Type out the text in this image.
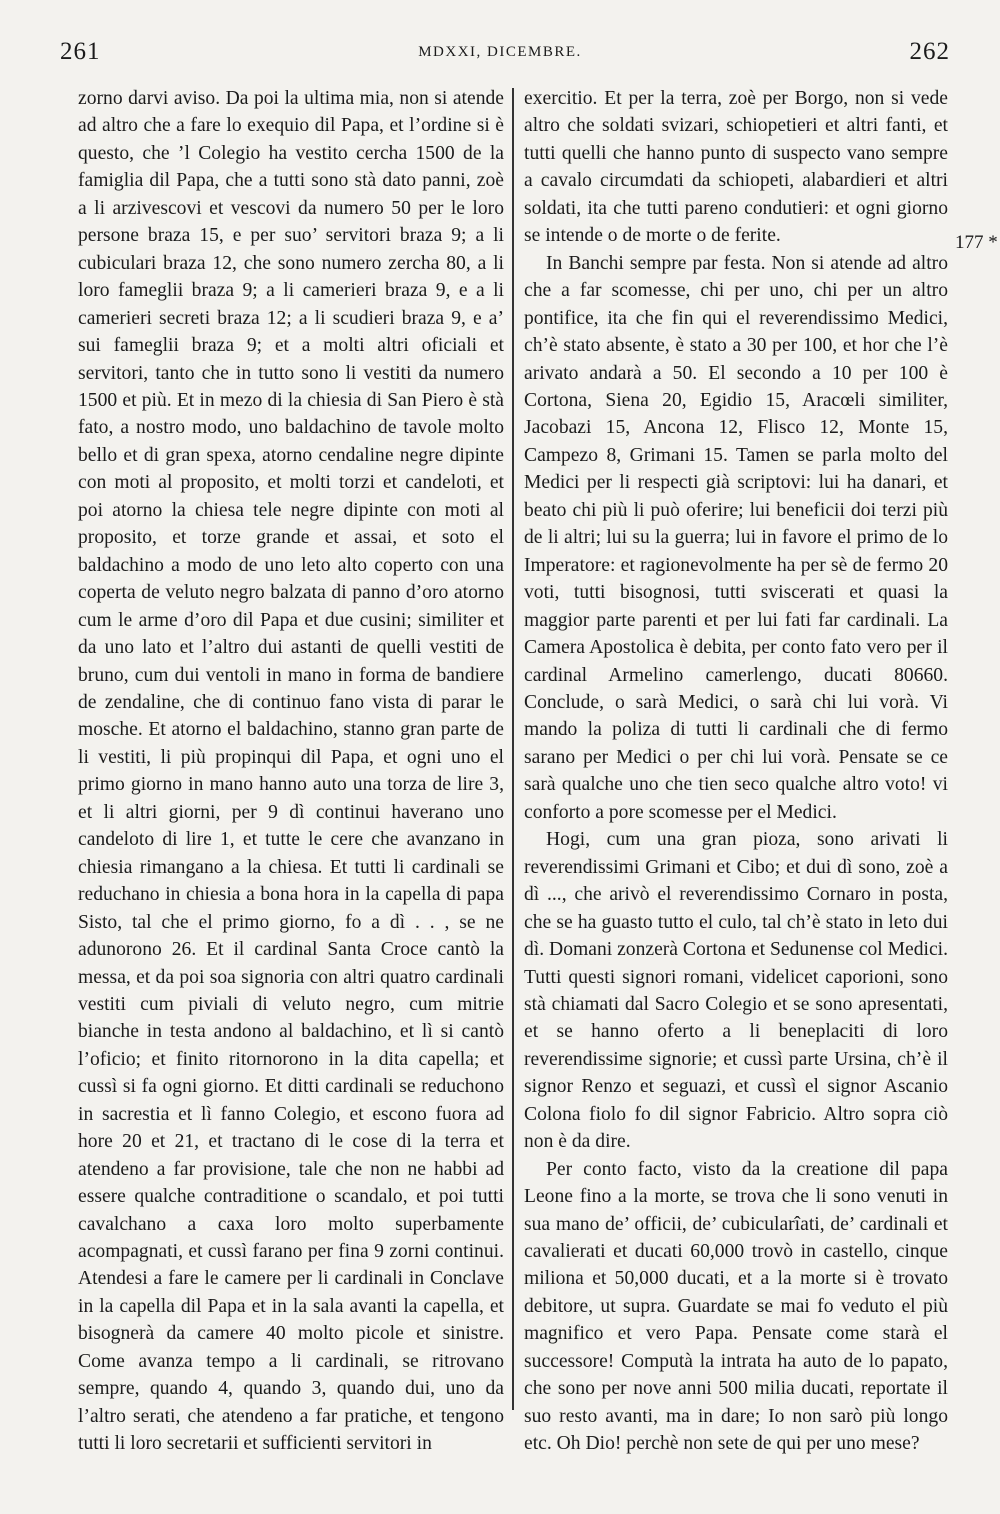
261	MDXXI, DICEMBRE.	262

zorno darvi aviso. Da poi la ultima mia, non si atende ad altro che a fare lo exequio dil Papa, et l’ordine si è questo, che ’l Colegio ha vestito cercha 1500 de la famiglia dil Papa, che a tutti sono stà dato panni, zoè a li arzivescovi et vescovi da numero 50 per le loro persone braza 15, e per suo’ servitori braza 9; a li cubiculari braza 12, che sono numero zercha 80, a li loro fameglii braza 9; a li camerieri braza 9, e a li camerieri secreti braza 12; a li scudieri braza 9, e a’ sui fameglii braza 9; et a molti altri oficiali et servitori, tanto che in tutto sono li vestiti da numero 1500 et più. Et in mezo di la chiesia di San Piero è stà fato, a nostro modo, uno baldachino de tavole molto bello et di gran spexa, atorno cendaline negre dipinte con moti al proposito, et molti torzi et candeloti, et poi atorno la chiesa tele negre dipinte con moti al proposito, et torze grande et assai, et soto el baldachino a modo de uno leto alto coperto con una coperta de veluto negro balzata di panno d’oro atorno cum le arme d’oro dil Papa et due cusini; similiter et da uno lato et l’altro dui astanti de quelli vestiti de bruno, cum dui ventoli in mano in forma de bandiere de zendaline, che di continuo fano vista di parar le mosche. Et atorno el baldachino, stanno gran parte de li vestiti, li più propinqui dil Papa, et ogni uno el primo giorno in mano hanno auto una torza de lire 3, et li altri giorni, per 9 dì continui haverano uno candeloto di lire 1, et tutte le cere che avanzano in chiesia rimangano a la chiesa. Et tutti li cardinali se reduchano in chiesia a bona hora in la capella di papa Sisto, tal che el primo giorno, fo a dì . . , se ne adunorono 26. Et il cardinal Santa Croce cantò la messa, et da poi soa signoria con altri quatro cardinali vestiti cum piviali di veluto negro, cum mitrie bianche in testa andono al baldachino, et lì si cantò l’oficio; et finito ritornorono in la dita capella; et cussì si fa ogni giorno. Et ditti cardinali se reduchono in sacrestia et lì fanno Colegio, et escono fuora ad hore 20 et 21, et tractano di le cose di la terra et atendeno a far provisione, tale che non ne habbi ad essere qualche contraditione o scandalo, et poi tutti cavalchano a caxa loro molto superbamente acompagnati, et cussì farano per fina 9 zorni continui. Atendesi a fare le camere per li cardinali in Conclave in la capella dil Papa et in la sala avanti la capella, et bisognerà da camere 40 molto picole et sinistre. Come avanza tempo a li cardinali, se ritrovano sempre, quando 4, quando 3, quando dui, uno da l’altro serati, che atendeno a far pratiche, et tengono tutti li loro secretarii et sufficienti servitori in

exercitio. Et per la terra, zoè per Borgo, non si vede altro che soldati svizari, schiopetieri et altri fanti, et tutti quelli che hanno punto di suspecto vano sempre a cavalo circumdati da schiopeti, alabardieri et altri soldati, ita che tutti pareno condutieri: et ogni giorno se intende o de morte o de ferite.

In Banchi sempre par festa. Non si atende ad altro che a far scomesse, chi per uno, chi per un altro pontifice, ita che fin qui el reverendissimo Medici, ch’è stato absente, è stato a 30 per 100, et hor che l’è arivato andarà a 50. El secondo a 10 per 100 è Cortona, Siena 20, Egidio 15, Aracœli similiter, Jacobazi 15, Ancona 12, Flisco 12, Monte 15, Campezo 8, Grimani 15. Tamen se parla molto del Medici per li respecti già scriptovi: lui ha danari, et beato chi più li può oferire; lui beneficii doi terzi più de li altri; lui su la guerra; lui in favore el primo de lo Imperatore: et ragionevolmente ha per sè de fermo 20 voti, tutti bisognosi, tutti sviscerati et quasi la maggior parte parenti et per lui fati far cardinali. La Camera Apostolica è debita, per conto fato vero per il cardinal Armelino camerlengo, ducati 80660. Conclude, o sarà Medici, o sarà chi lui vorà. Vi mando la poliza di tutti li cardinali che di fermo sarano per Medici o per chi lui vorà. Pensate se ce sarà qualche uno che tien seco qualche altro voto! vi conforto a pore scomesse per el Medici.

Hogi, cum una gran pioza, sono arivati li reverendissimi Grimani et Cibo; et dui dì sono, zoè a dì ..., che arivò el reverendissimo Cornaro in posta, che se ha guasto tutto el culo, tal ch’è stato in leto dui dì. Domani zonzerà Cortona et Sedunense col Medici. Tutti questi signori romani, videlicet caporioni, sono stà chiamati dal Sacro Colegio et se sono apresentati, et se hanno oferto a li beneplaciti di loro reverendissime signorie; et cussì parte Ursina, ch’è il signor Renzo et seguazi, et cussì el signor Ascanio Colona fiolo fo dil signor Fabricio. Altro sopra ciò non è da dire.

Per conto facto, visto da la creatione dil papa Leone fino a la morte, se trova che li sono venuti in sua mano de’ officii, de’ cubicularîati, de’ cardinali et cavalierati et ducati 60,000 trovò in castello, cinque miliona et 50,000 ducati, et a la morte si è trovato debitore, ut supra. Guardate se mai fo veduto el più magnifico et vero Papa. Pensate come starà el successore! Computà la intrata ha auto de lo papato, che sono per nove anni 500 milia ducati, reportate il suo resto avanti, ma in dare; Io non sarò più longo etc. Oh Dio! perchè non sete de qui per uno mese?

177 *
